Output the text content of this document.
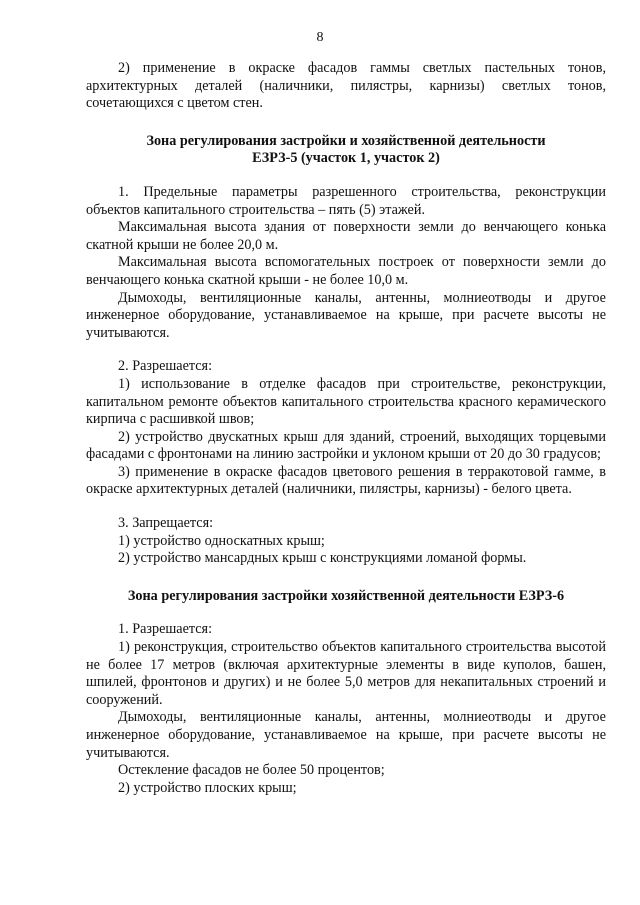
8

2) применение в окраске фасадов гаммы светлых пастельных тонов, архитектурных деталей (наличники, пилястры, карнизы) светлых тонов, сочетающихся с цветом стен.

Зона регулирования застройки и хозяйственной деятельности

ЕЗРЗ-5 (участок 1, участок 2)

1. Предельные параметры разрешенного строительства, реконструкции объектов капитального строительства – пять (5) этажей.

Максимальная высота здания от поверхности земли до венчающего конька скатной крыши не более 20,0 м.

Максимальная высота вспомогательных построек от поверхности земли до венчающего конька скатной крыши - не более 10,0 м.

Дымоходы, вентиляционные каналы, антенны, молниеотводы и другое инженерное оборудование, устанавливаемое на крыше, при расчете высоты не учитываются.

2. Разрешается:

1) использование в отделке фасадов при строительстве, реконструкции, капитальном ремонте объектов капитального строительства красного керамического кирпича с расшивкой швов;

2) устройство двускатных крыш для зданий, строений, выходящих торцевыми фасадами с фронтонами на линию застройки и уклоном крыши от 20 до 30 градусов;

3) применение в окраске фасадов цветового решения в терракотовой гамме, в окраске архитектурных деталей (наличники, пилястры, карнизы) - белого цвета.

3. Запрещается:

1) устройство односкатных крыш;

2) устройство мансардных крыш с конструкциями ломаной формы.

Зона регулирования застройки хозяйственной деятельности ЕЗРЗ-6

1. Разрешается:

1) реконструкция, строительство объектов капитального строительства высотой не более 17 метров (включая архитектурные элементы в виде куполов, башен, шпилей, фронтонов и других) и не более 5,0 метров для некапитальных строений и сооружений.

Дымоходы, вентиляционные каналы, антенны, молниеотводы и другое инженерное оборудование, устанавливаемое на крыше, при расчете высоты не учитываются.

Остекление фасадов не более 50 процентов;

2) устройство плоских крыш;
